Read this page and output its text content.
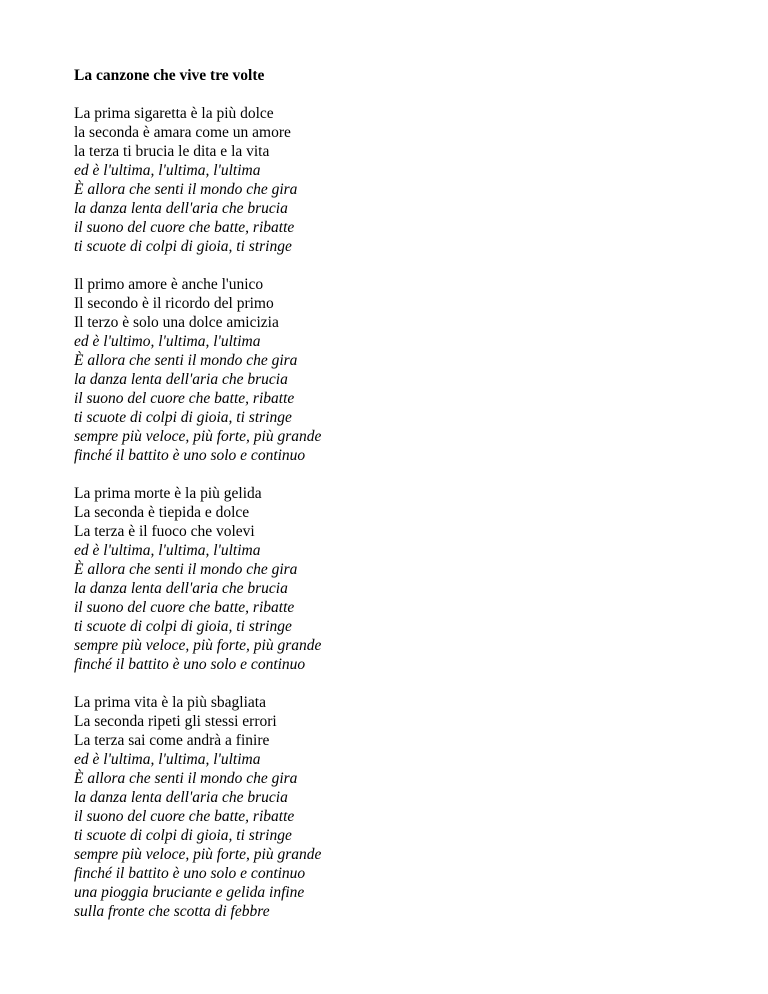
La canzone che vive tre volte
La prima sigaretta è la più dolce
la seconda è amara come un amore
la terza ti brucia le dita e la vita
ed è l'ultima, l'ultima, l'ultima
È allora che senti il mondo che gira
la danza lenta dell'aria che brucia
il suono del cuore che batte, ribatte
ti scuote di colpi di gioia, ti stringe
Il primo amore è anche l'unico
Il secondo è il ricordo del primo
Il terzo è solo una dolce amicizia
ed è l'ultimo, l'ultima, l'ultima
È allora che senti il mondo che gira
la danza lenta dell'aria che brucia
il suono del cuore che batte, ribatte
ti scuote di colpi di gioia, ti stringe
sempre più veloce, più forte, più grande
finché il battito è uno solo e continuo
La prima morte è la più gelida
La seconda è tiepida e dolce
La terza è il fuoco che volevi
ed è l'ultima, l'ultima, l'ultima
È allora che senti il mondo che gira
la danza lenta dell'aria che brucia
il suono del cuore che batte, ribatte
ti scuote di colpi di gioia, ti stringe
sempre più veloce, più forte, più grande
finché il battito è uno solo e continuo
La prima vita è la più sbagliata
La seconda ripeti gli stessi errori
La terza sai come andrà a finire
ed è l'ultima, l'ultima, l'ultima
È allora che senti il mondo che gira
la danza lenta dell'aria che brucia
il suono del cuore che batte, ribatte
ti scuote di colpi di gioia, ti stringe
sempre più veloce, più forte, più grande
finché il battito è uno solo e continuo
una pioggia bruciante e gelida infine
sulla fronte che scotta di febbre
